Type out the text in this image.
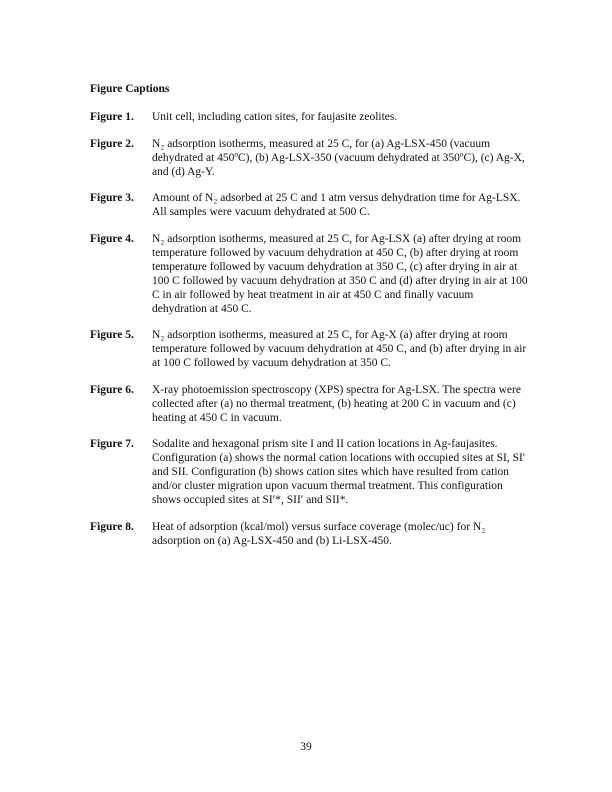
Figure Captions
Figure 1.	Unit cell, including cation sites, for faujasite zeolites.
Figure 2.	N₂ adsorption isotherms, measured at 25 C, for (a) Ag-LSX-450 (vacuum dehydrated at 450ºC), (b) Ag-LSX-350 (vacuum dehydrated at 350ºC), (c) Ag-X, and (d) Ag-Y.
Figure 3.	Amount of N₂ adsorbed at 25 C and 1 atm versus dehydration time for Ag-LSX. All samples were vacuum dehydrated at 500 C.
Figure 4.	N₂ adsorption isotherms, measured at 25 C, for Ag-LSX (a) after drying at room temperature followed by vacuum dehydration at 450 C, (b) after drying at room temperature followed by vacuum dehydration at 350 C, (c) after drying in air at 100 C followed by vacuum dehydration at 350 C and (d) after drying in air at 100 C in air followed by heat treatment in air at 450 C and finally vacuum dehydration at 450 C.
Figure 5.	N₂ adsorption isotherms, measured at 25 C, for Ag-X (a) after drying at room temperature followed by vacuum dehydration at 450 C, and (b) after drying in air at 100 C followed by vacuum dehydration at 350 C.
Figure 6.	X-ray photoemission spectroscopy (XPS) spectra for Ag-LSX. The spectra were collected after (a) no thermal treatment, (b) heating at 200 C in vacuum and (c) heating at 450 C in vacuum.
Figure 7.	Sodalite and hexagonal prism site I and II cation locations in Ag-faujasites. Configuration (a) shows the normal cation locations with occupied sites at SI, SI′ and SII. Configuration (b) shows cation sites which have resulted from cation and/or cluster migration upon vacuum thermal treatment. This configuration shows occupied sites at SI′*, SII′ and SII*.
Figure 8.	Heat of adsorption (kcal/mol) versus surface coverage (molec/uc) for N₂ adsorption on (a) Ag-LSX-450 and (b) Li-LSX-450.
39
